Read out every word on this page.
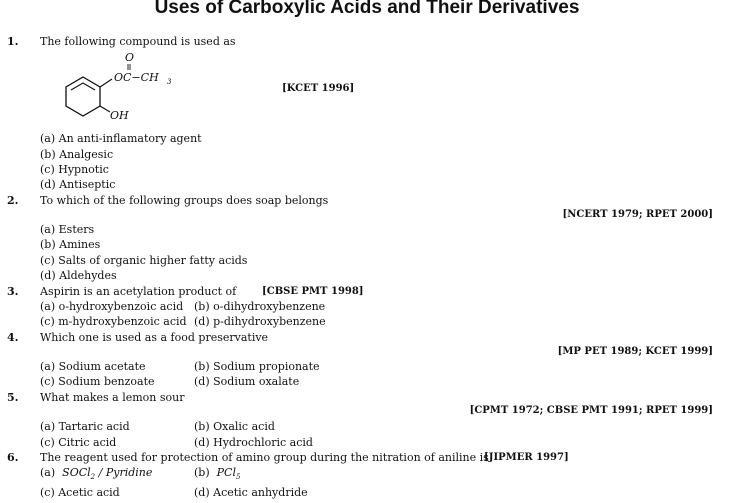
Uses of Carboxylic Acids and Their Derivatives
1. The following compound is used as
O
OC−CH 3
OH
[KCET 1996]
(a) An anti-inflamatory agent
(b) Analgesic
(c) Hypnotic
(d) Antiseptic
2. To which of the following groups does soap belongs
[NCERT 1979; RPET 2000]
(a) Esters
(b) Amines
(c) Salts of organic higher fatty acids
(d) Aldehydes
3. Aspirin is an acetylation product of	[CBSE PMT 1998]
(a) o-hydroxybenzoic acid (b) o-dihydroxybenzene
(c) m-hydroxybenzoic acid (d) p-dihydroxybenzene
4. Which one is used as a food preservative
[MP PET 1989; KCET 1999]
(a) Sodium acetate	(b) Sodium propionate
(c) Sodium benzoate	(d) Sodium oxalate
5. What makes a lemon sour
[CPMT 1972; CBSE PMT 1991; RPET 1999]
(a) Tartaric acid	(b) Oxalic acid
(c) Citric acid	(d) Hydrochloric acid
6. The reagent used for protection of amino group during the nitration of aniline is
[JIPMER 1997]
(a) SOCl$_2$ / Pyridine	(b) PCl$_5$
(c) Acetic acid	(d) Acetic anhydride
